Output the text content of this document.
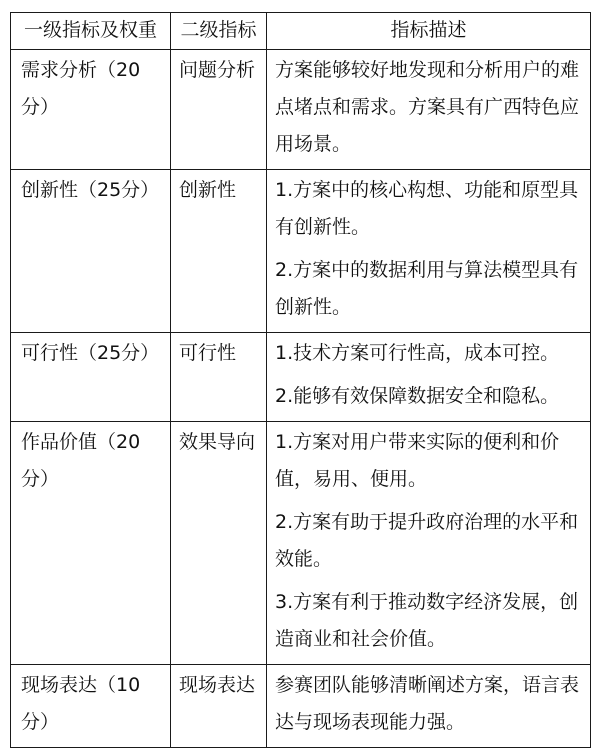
一级指标及权重	二级指标	指标描述
需求分析（20分）	问题分析	方案能够较好地发现和分析用户的难点堵点和需求。方案具有广西特色应用场景。

创新性（25分）	创新性	1.方案中的核心构想、功能和原型具有创新性。
2.方案中的数据利用与算法模型具有创新性。

可行性（25分）	可行性	1.技术方案可行性高，成本可控。
2.能够有效保障数据安全和隐私。

作品价值（20分）	效果导向	1.方案对用户带来实际的便利和价值，易用、便用。
2.方案有助于提升政府治理的水平和效能。
3.方案有利于推动数字经济发展，创造商业和社会价值。

现场表达（10分）	现场表达	参赛团队能够清晰阐述方案，语言表达与现场表现能力强。
